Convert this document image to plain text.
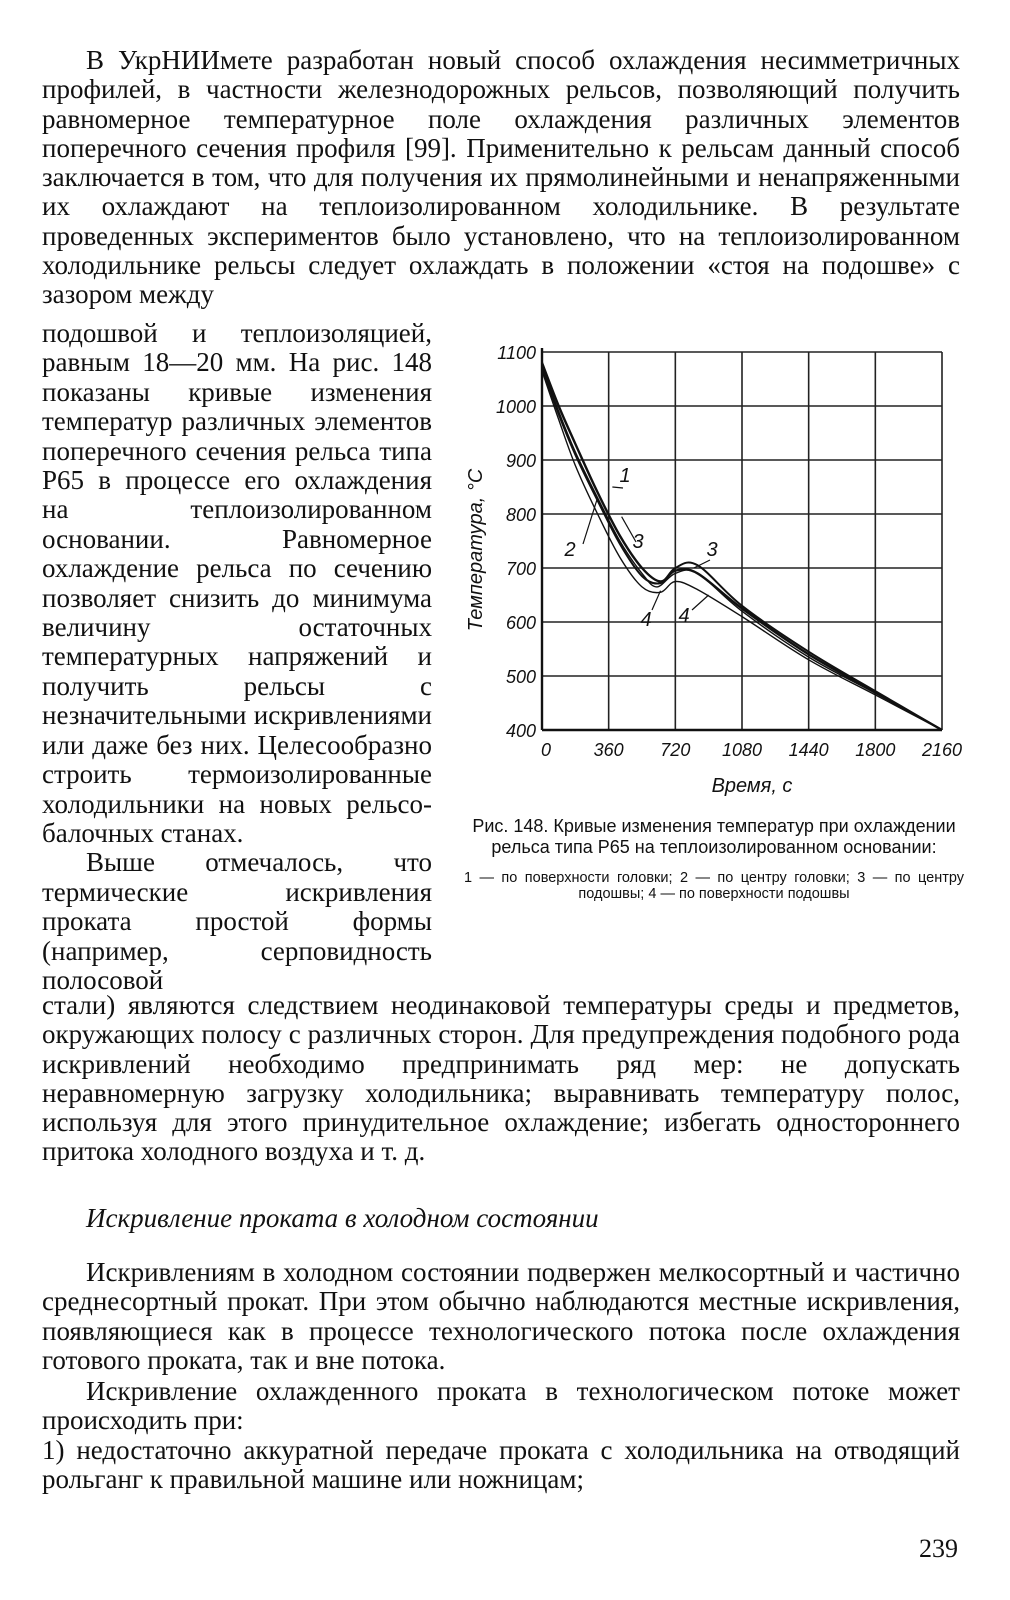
В УкрНИИмете разработан новый способ охлаждения несимметричных профилей, в частности железнодорожных рельсов, позволяющий получить равномерное температурное поле охлаждения различных элементов поперечного сечения профиля [99]. Применительно к рельсам данный способ заключается в том, что для получения их прямолинейными и ненапряженными их охлаждают на теплоизолированном холодильнике. В результате проведенных экспериментов было установлено, что на теплоизолированном холодильнике рельсы следует охлаждать в положении «стоя на подошве» с зазором между

подошвой и теплоизоляцией, равным 18—20 мм. На рис. 148 показаны кривые изменения температур различных элементов поперечного сечения рельса типа Р65 в процессе его охлаждения на теплоизолированном основании. Равномерное охлаждение рельса по сечению позволяет снизить до минимума величину остаточных температурных напряжений и получить рельсы с незначительными искривлениями или даже без них. Целесообразно строить термоизолированные холодильники на новых рельсо-балочных станах.

Выше отмечалось, что термические искривления проката простой формы (например, серповидность полосовой

стали) являются следствием неодинаковой температуры среды и предметов, окружающих полосу с различных сторон. Для предупреждения подобного рода искривлений необходимо предпринимать ряд мер: не допускать неравномерную загрузку холодильника; выравнивать температуру полос, используя для этого принудительное охлаждение; избегать одностороннего притока холодного воздуха и т. д.

Искривление проката в холодном состоянии

Искривлениям в холодном состоянии подвержен мелкосортный и частично среднесортный прокат. При этом обычно наблюдаются местные искривления, появляющиеся как в процессе технологического потока после охлаждения готового проката, так и вне потока.

Искривление охлажденного проката в технологическом потоке может происходить при:

1) недостаточно аккуратной передаче проката с холодильника на отводящий рольганг к правильной машине или ножницам;

239

0 360 720 1080 1440 1800 2160
400
500
600
700
800
900
1000
1100
1
2	3	3
4 4
Температура, °С
Время, с

Рис. 148. Кривые изменения температур при охлаждении рельса типа Р65 на теплоизолированном основании:

1 — по поверхности головки; 2 — по центру головки; 3 — по центру подошвы; 4 — по поверхности подошвы
